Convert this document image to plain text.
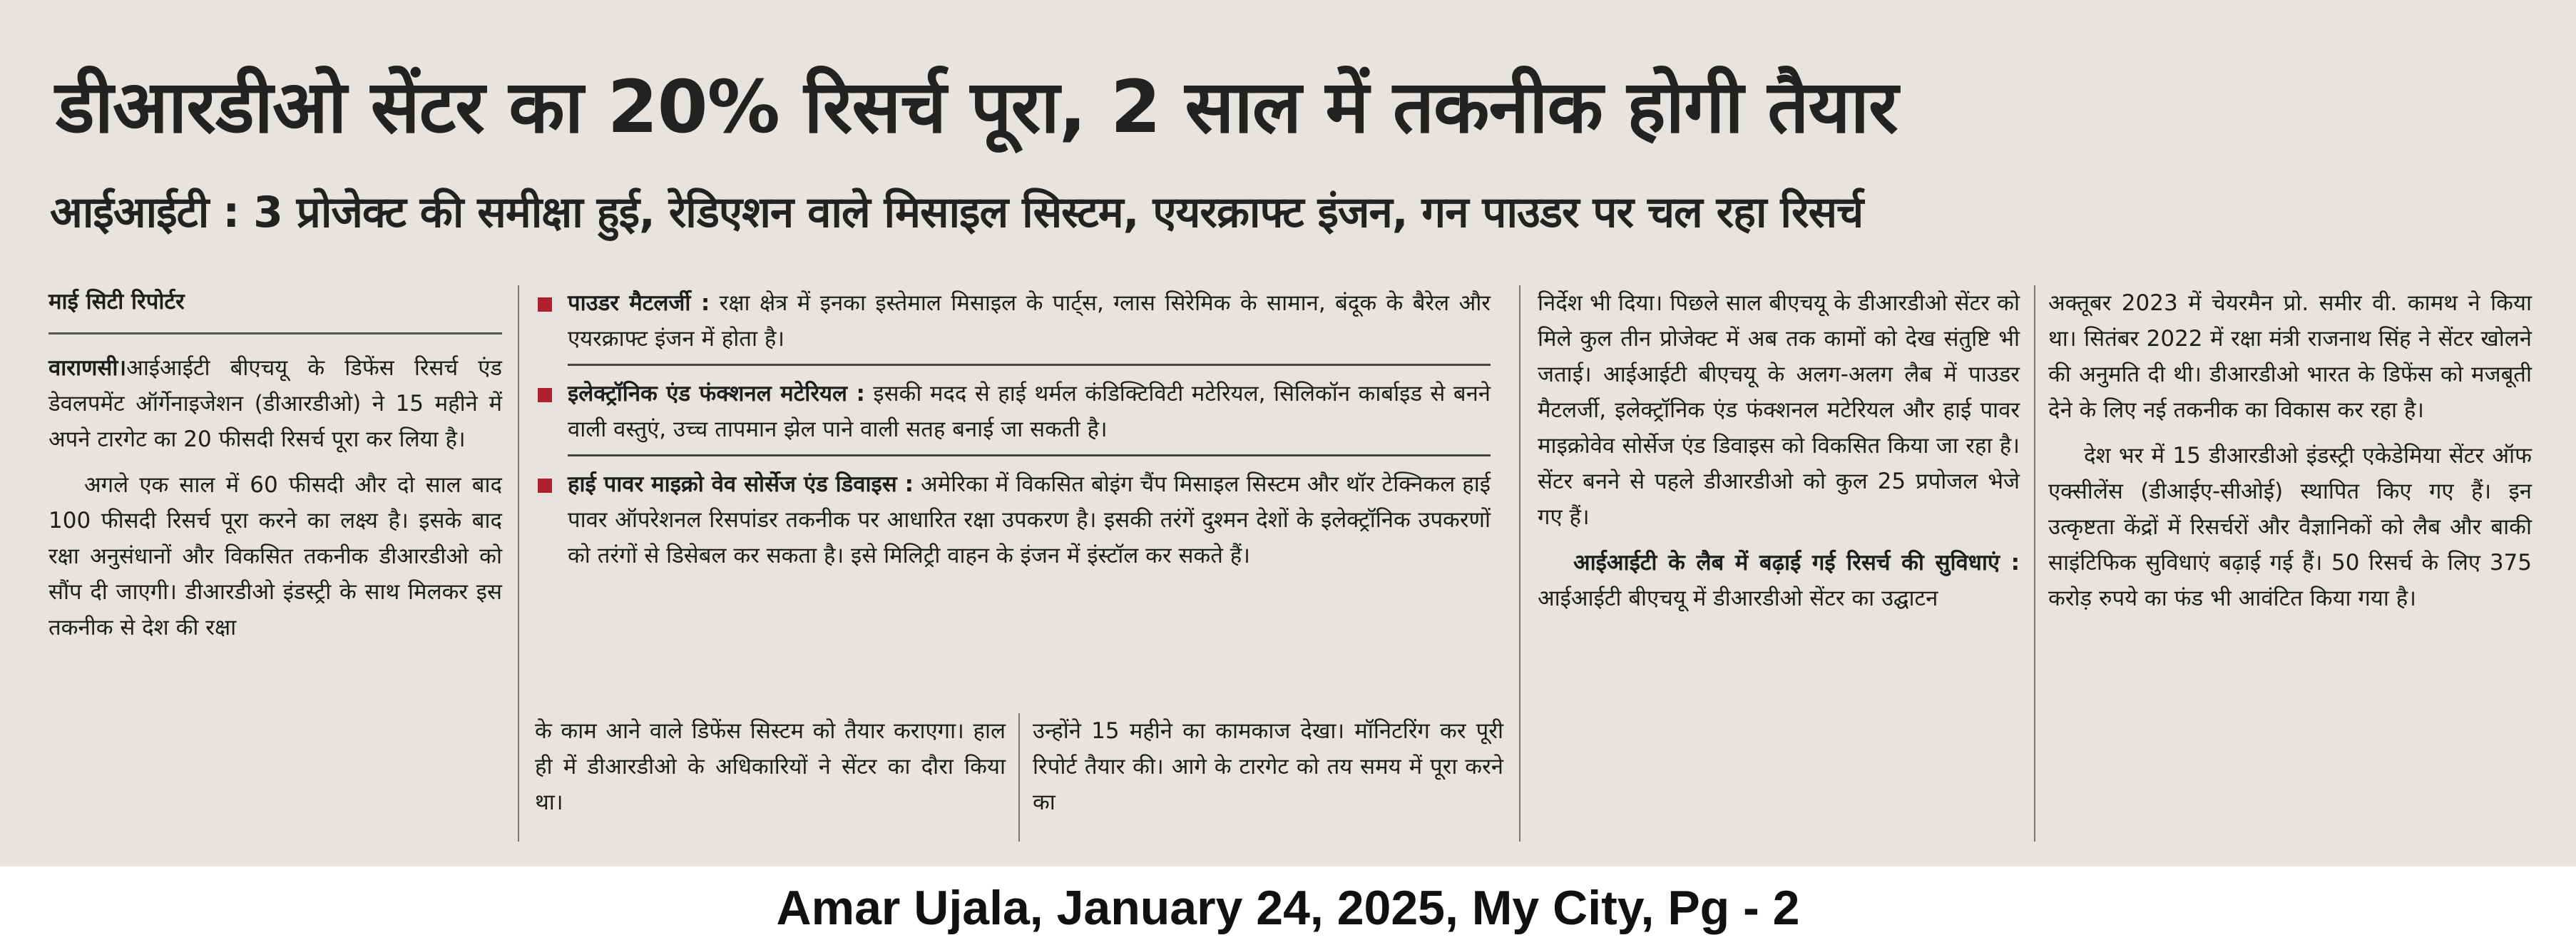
डीआरडीओ सेंटर का 20% रिसर्च पूरा, 2 साल में तकनीक होगी तैयार
आईआईटी : 3 प्रोजेक्ट की समीक्षा हुई, रेडिएशन वाले मिसाइल सिस्टम, एयरक्राफ्ट इंजन, गन पाउडर पर चल रहा रिसर्च
माई सिटी रिपोर्टर

वाराणसी।आईआईटी बीएचयू के डिफेंस रिसर्च एंड डेवलपमेंट ऑर्गेनाइजेशन (डीआरडीओ) ने 15 महीने में अपने टारगेट का 20 फीसदी रिसर्च पूरा कर लिया है।

अगले एक साल में 60 फीसदी और दो साल बाद 100 फीसदी रिसर्च पूरा करने का लक्ष्य है। इसके बाद रक्षा अनुसंधानों और विकसित तकनीक डीआरडीओ को सौंप दी जाएगी। डीआरडीओ इंडस्ट्री के साथ मिलकर इस तकनीक से देश की रक्षा

पाउडर मैटलर्जी : रक्षा क्षेत्र में इनका इस्तेमाल मिसाइल के पार्ट्स, ग्लास सिरेमिक के सामान, बंदूक के बैरेल और एयरक्राफ्ट इंजन में होता है।
इलेक्ट्रॉनिक एंड फंक्शनल मटेरियल : इसकी मदद से हाई थर्मल कंडिक्टिविटी मटेरियल, सिलिकॉन कार्बाइड से बनने वाली वस्तुएं, उच्च तापमान झेल पाने वाली सतह बनाई जा सकती है।
हाई पावर माइक्रो वेव सोर्सेज एंड डिवाइस : अमेरिका में विकसित बोइंग चैंप मिसाइल सिस्टम और थॉर टेक्निकल हाई पावर ऑपरेशनल रिसपांडर तकनीक पर आधारित रक्षा उपकरण है। इसकी तरंगें दुश्मन देशों के इलेक्ट्रॉनिक उपकरणों को तरंगों से डिसेबल कर सकता है। इसे मिलिट्री वाहन के इंजन में इंस्टॉल कर सकते हैं।

के काम आने वाले डिफेंस सिस्टम को तैयार कराएगा। हाल ही में डीआरडीओ के अधिकारियों ने सेंटर का दौरा किया था।

उन्होंने 15 महीने का कामकाज देखा। मॉनिटरिंग कर पूरी रिपोर्ट तैयार की। आगे के टारगेट को तय समय में पूरा करने का

निर्देश भी दिया। पिछले साल बीएचयू के डीआरडीओ सेंटर को मिले कुल तीन प्रोजेक्ट में अब तक कामों को देख संतुष्टि भी जताई। आईआईटी बीएचयू के अलग-अलग लैब में पाउडर मैटलर्जी, इलेक्ट्रॉनिक एंड फंक्शनल मटेरियल और हाई पावर माइक्रोवेव सोर्सेज एंड डिवाइस को विकसित किया जा रहा है। सेंटर बनने से पहले डीआरडीओ को कुल 25 प्रपोजल भेजे गए हैं।

आईआईटी के लैब में बढ़ाई गई रिसर्च की सुविधाएं : आईआईटी बीएचयू में डीआरडीओ सेंटर का उद्घाटन

अक्तूबर 2023 में चेयरमैन प्रो. समीर वी. कामथ ने किया था। सितंबर 2022 में रक्षा मंत्री राजनाथ सिंह ने सेंटर खोलने की अनुमति दी थी। डीआरडीओ भारत के डिफेंस को मजबूती देने के लिए नई तकनीक का विकास कर रहा है।

देश भर में 15 डीआरडीओ इंडस्ट्री एकेडेमिया सेंटर ऑफ एक्सीलेंस (डीआईए-सीओई) स्थापित किए गए हैं। इन उत्कृष्टता केंद्रों में रिसर्चरों और वैज्ञानिकों को लैब और बाकी साइंटिफिक सुविधाएं बढ़ाई गई हैं। 50 रिसर्च के लिए 375 करोड़ रुपये का फंड भी आवंटित किया गया है।

Amar Ujala, January 24, 2025, My City, Pg - 2
